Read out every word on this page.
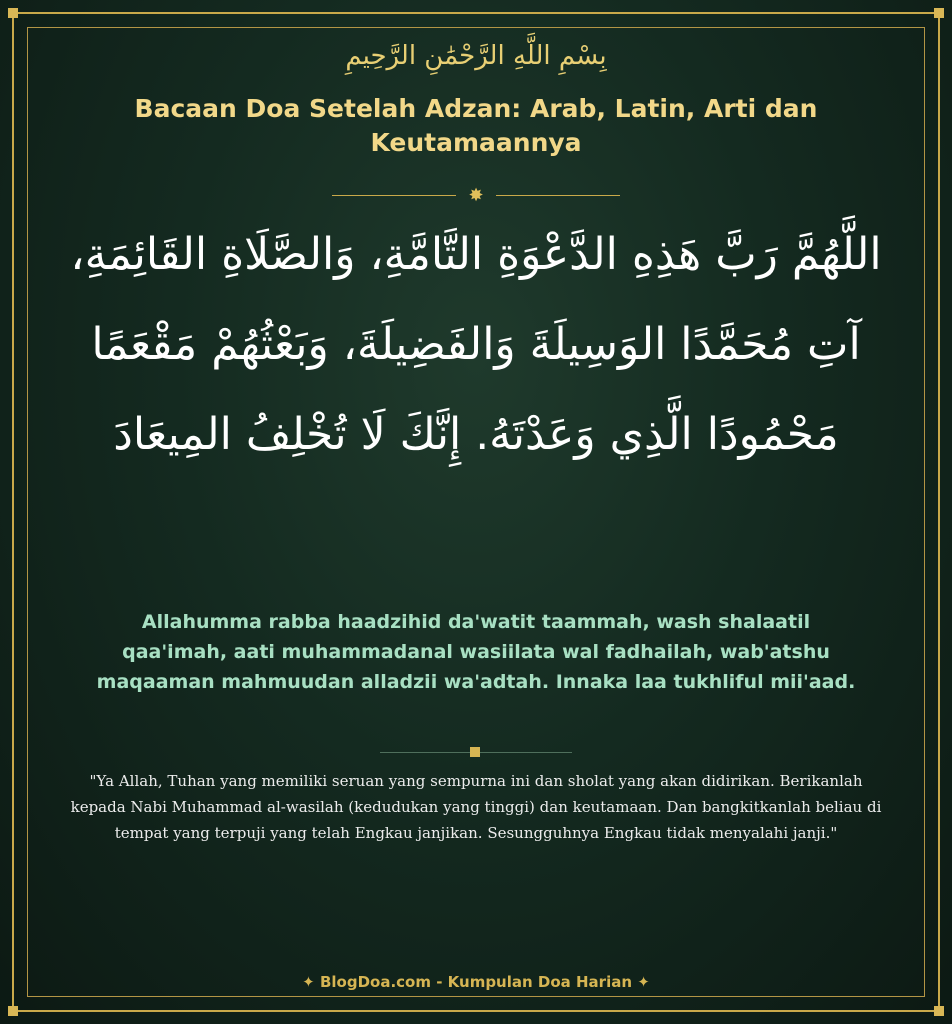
بِسْمِ اللَّهِ الرَّحْمَٰنِ الرَّحِيمِ
Bacaan Doa Setelah Adzan: Arab, Latin, Arti dan Keutamaannya
✸
اللَّهُمَّ رَبَّ هَذِهِ الدَّعْوَةِ التَّامَّةِ، وَالصَّلَاةِ القَائِمَةِ، آتِ مُحَمَّدًا الوَسِيلَةَ وَالفَضِيلَةَ، وَبَعْثُهُمْ مَقْعَمًا مَحْمُودًا الَّذِي وَعَدْتَهُ. إِنَّكَ لَا تُخْلِفُ المِيعَادَ
Allahumma rabba haadzihid da'watit taammah, wash shalaatil qaa'imah, aati muhammadanal wasiilata wal fadhailah, wab'atshu maqaaman mahmuudan alladzii wa'adtah. Innaka laa tukhliful mii'aad.
"Ya Allah, Tuhan yang memiliki seruan yang sempurna ini dan sholat yang akan didirikan. Berikanlah kepada Nabi Muhammad al-wasilah (kedudukan yang tinggi) dan keutamaan. Dan bangkitkanlah beliau di tempat yang terpuji yang telah Engkau janjikan. Sesungguhnya Engkau tidak menyalahi janji."
✦ BlogDoa.com - Kumpulan Doa Harian ✦
